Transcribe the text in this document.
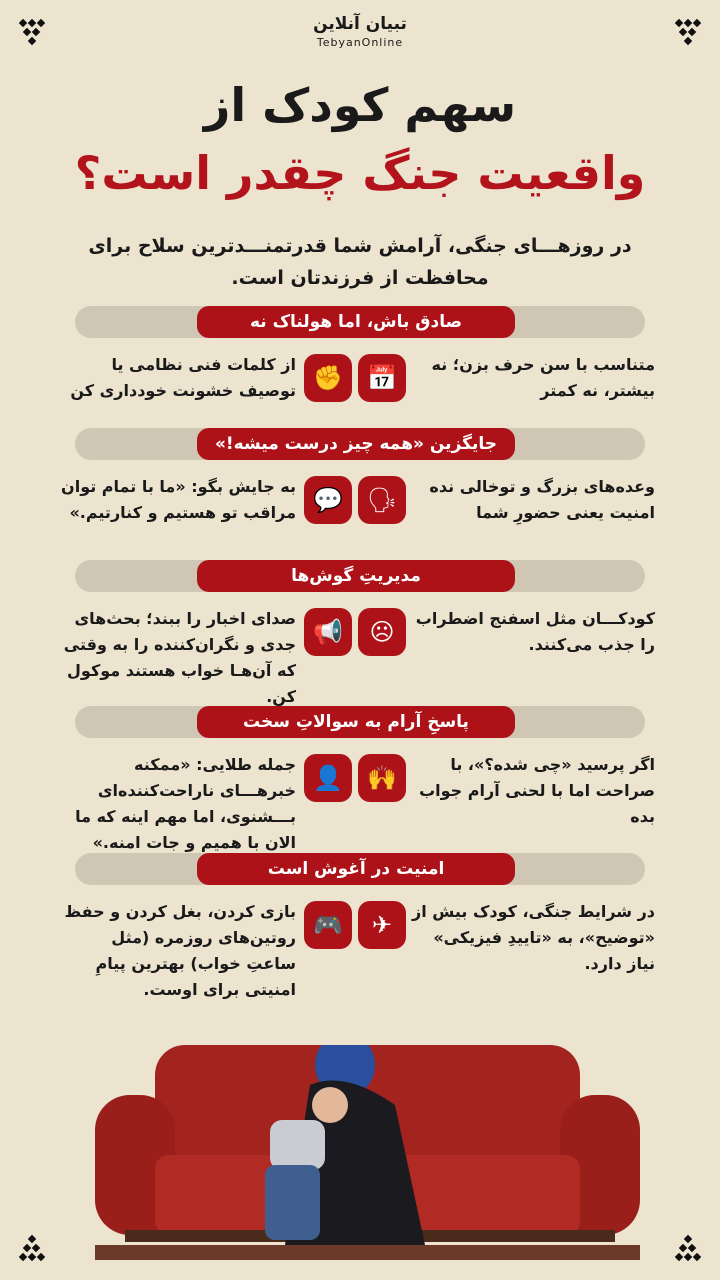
تبیان آنلاین
TebyanOnline
سهم کودک از
واقعیت جنگ چقدر است؟
در روزهـــای جنگی، آرامش شما قدرتمنـــدترین سلاح برای
محافظت از فرزندتان است.
صادق باش، اما هولناک نه
📅
✊	متناسب با سن حرف بزن؛ نه بیشتر، نه کمتر
از کلمات فنی نظامی یا توصیف خشونت خودداری کن
جایگزین «همه چیز درست میشه!»
🗣
💬	وعده‌های بزرگ و توخالی نده امنیت یعنی حضورِ شما
به جایش بگو: «ما با تمام توان مراقب تو هستیم و کنارتیم.»
مدیریتِ گوش‌ها
☹
📢	کودکـــان مثل اسفنج اضطراب را جذب می‌کنند.
صدای اخبار را ببند؛ بحث‌های جدی و نگران‌کننده را به وقتی که آن‌هـا خواب هستند موکول کن.
پاسخِ آرام به سوالاتِ سخت
🙌
👤	اگر پرسید «چی شده؟»، با صراحت اما با لحنی آرام جواب بده
جمله طلایی: «ممکنه خبرهـــای ناراحت‌کننده‌ای بـــشنوی، اما مهم اینه که ما الان با همیم و جات امنه.»
امنیت در آغوش است
✈
🎮	در شرایط جنگی، کودک بیش از «توضیح»، به «تاییدِ فیزیکی» نیاز دارد.
بازی کردن، بغل کردن و حفظ روتین‌های روزمره (مثل ساعتِ خواب) بهترین پیامِ امنیتی برای اوست.
